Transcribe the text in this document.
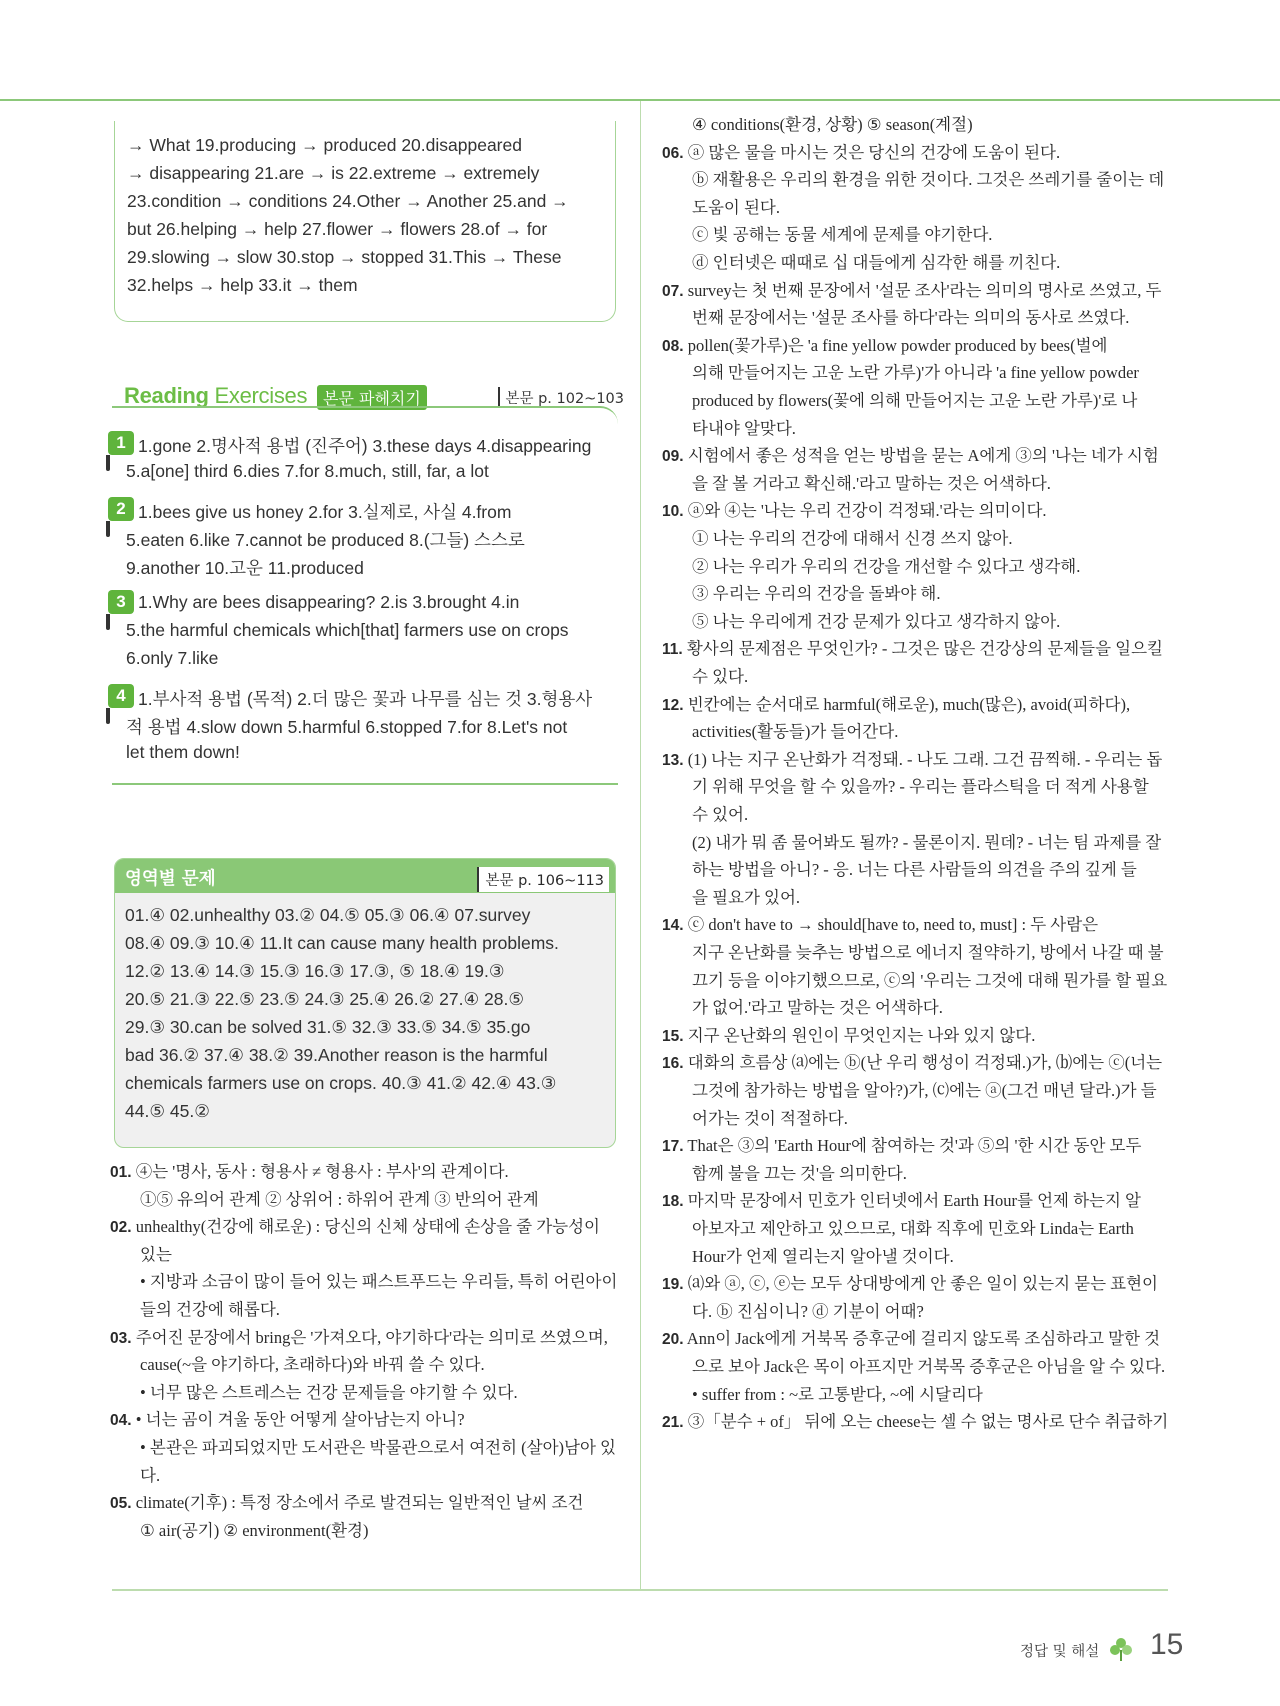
→ What 19.producing → produced 20.disappeared
→ disappearing 21.are → is 22.extreme → extremely
23.condition → conditions 24.Other → Another 25.and →
but 26.helping → help 27.flower → flowers 28.of → for
29.slowing → slow 30.stop → stopped 31.This → These
32.helps → help 33.it → them
Reading Exercises 본문 파헤치기	본문 p. 102~103
1 1.gone 2.명사적 용법 (진주어) 3.these days 4.disappearing
5.a[one] third 6.dies 7.for 8.much, still, far, a lot
2 1.bees give us honey 2.for 3.실제로, 사실 4.from
5.eaten 6.like 7.cannot be produced 8.(그들) 스스로
9.another 10.고운 11.produced
3 1.Why are bees disappearing? 2.is 3.brought 4.in
5.the harmful chemicals which[that] farmers use on crops
6.only 7.like
4 1.부사적 용법 (목적) 2.더 많은 꽃과 나무를 심는 것 3.형용사
적 용법 4.slow down 5.harmful 6.stopped 7.for 8.Let's not
let them down!
영역별 문제	본문 p. 106~113
01.④ 02.unhealthy 03.② 04.⑤ 05.③ 06.④ 07.survey
08.④ 09.③ 10.④ 11.It can cause many health problems.
12.② 13.④ 14.③ 15.③ 16.③ 17.③, ⑤ 18.④ 19.③
20.⑤ 21.③ 22.⑤ 23.⑤ 24.③ 25.④ 26.② 27.④ 28.⑤
29.③ 30.can be solved 31.⑤ 32.③ 33.⑤ 34.⑤ 35.go
bad 36.② 37.④ 38.② 39.Another reason is the harmful
chemicals farmers use on crops. 40.③ 41.② 42.④ 43.③
44.⑤ 45.②
01. ④는 '명사, 동사 : 형용사 ≠ 형용사 : 부사'의 관계이다.
①⑤ 유의어 관계 ② 상위어 : 하위어 관계 ③ 반의어 관계
02. unhealthy(건강에 해로운) : 당신의 신체 상태에 손상을 줄 가능성이
있는
• 지방과 소금이 많이 들어 있는 패스트푸드는 우리들, 특히 어린아이
들의 건강에 해롭다.
03. 주어진 문장에서 bring은 '가져오다, 야기하다'라는 의미로 쓰였으며,
cause(~을 야기하다, 초래하다)와 바꿔 쓸 수 있다.
• 너무 많은 스트레스는 건강 문제들을 야기할 수 있다.
04. • 너는 곰이 겨울 동안 어떻게 살아남는지 아니?
• 본관은 파괴되었지만 도서관은 박물관으로서 여전히 (살아)남아 있
다.
05. climate(기후) : 특정 장소에서 주로 발견되는 일반적인 날씨 조건
① air(공기) ② environment(환경)
④ conditions(환경, 상황) ⑤ season(계절)
06. ⓐ 많은 물을 마시는 것은 당신의 건강에 도움이 된다.
ⓑ 재활용은 우리의 환경을 위한 것이다. 그것은 쓰레기를 줄이는 데
도움이 된다.
ⓒ 빛 공해는 동물 세계에 문제를 야기한다.
ⓓ 인터넷은 때때로 십 대들에게 심각한 해를 끼친다.
07. survey는 첫 번째 문장에서 '설문 조사'라는 의미의 명사로 쓰였고, 두
번째 문장에서는 '설문 조사를 하다'라는 의미의 동사로 쓰였다.
08. pollen(꽃가루)은 'a fine yellow powder produced by bees(벌에
의해 만들어지는 고운 노란 가루)'가 아니라 'a fine yellow powder
produced by flowers(꽃에 의해 만들어지는 고운 노란 가루)'로 나
타내야 알맞다.
09. 시험에서 좋은 성적을 얻는 방법을 묻는 A에게 ③의 '나는 네가 시험
을 잘 볼 거라고 확신해.'라고 말하는 것은 어색하다.
10. ⓐ와 ④는 '나는 우리 건강이 걱정돼.'라는 의미이다.
① 나는 우리의 건강에 대해서 신경 쓰지 않아.
② 나는 우리가 우리의 건강을 개선할 수 있다고 생각해.
③ 우리는 우리의 건강을 돌봐야 해.
⑤ 나는 우리에게 건강 문제가 있다고 생각하지 않아.
11. 황사의 문제점은 무엇인가? - 그것은 많은 건강상의 문제들을 일으킬
수 있다.
12. 빈칸에는 순서대로 harmful(해로운), much(많은), avoid(피하다),
activities(활동들)가 들어간다.
13. (1) 나는 지구 온난화가 걱정돼. - 나도 그래. 그건 끔찍해. - 우리는 돕
기 위해 무엇을 할 수 있을까? - 우리는 플라스틱을 더 적게 사용할
수 있어.
(2) 내가 뭐 좀 물어봐도 될까? - 물론이지. 뭔데? - 너는 팀 과제를 잘
하는 방법을 아니? - 응. 너는 다른 사람들의 의견을 주의 깊게 들
을 필요가 있어.
14. ⓒ don't have to → should[have to, need to, must] : 두 사람은
지구 온난화를 늦추는 방법으로 에너지 절약하기, 방에서 나갈 때 불
끄기 등을 이야기했으므로, ⓒ의 '우리는 그것에 대해 뭔가를 할 필요
가 없어.'라고 말하는 것은 어색하다.
15. 지구 온난화의 원인이 무엇인지는 나와 있지 않다.
16. 대화의 흐름상 ⒜에는 ⓑ(난 우리 행성이 걱정돼.)가, ⒝에는 ⓒ(너는
그것에 참가하는 방법을 알아?)가, ⒞에는 ⓐ(그건 매년 달라.)가 들
어가는 것이 적절하다.
17. That은 ③의 'Earth Hour에 참여하는 것'과 ⑤의 '한 시간 동안 모두
함께 불을 끄는 것'을 의미한다.
18. 마지막 문장에서 민호가 인터넷에서 Earth Hour를 언제 하는지 알
아보자고 제안하고 있으므로, 대화 직후에 민호와 Linda는 Earth
Hour가 언제 열리는지 알아낼 것이다.
19. ⒜와 ⓐ, ⓒ, ⓔ는 모두 상대방에게 안 좋은 일이 있는지 묻는 표현이
다. ⓑ 진심이니? ⓓ 기분이 어때?
20. Ann이 Jack에게 거북목 증후군에 걸리지 않도록 조심하라고 말한 것
으로 보아 Jack은 목이 아프지만 거북목 증후군은 아님을 알 수 있다.
• suffer from : ~로 고통받다, ~에 시달리다
21. ③「분수 + of」 뒤에 오는 cheese는 셀 수 없는 명사로 단수 취급하기
정답 및 해설 15
